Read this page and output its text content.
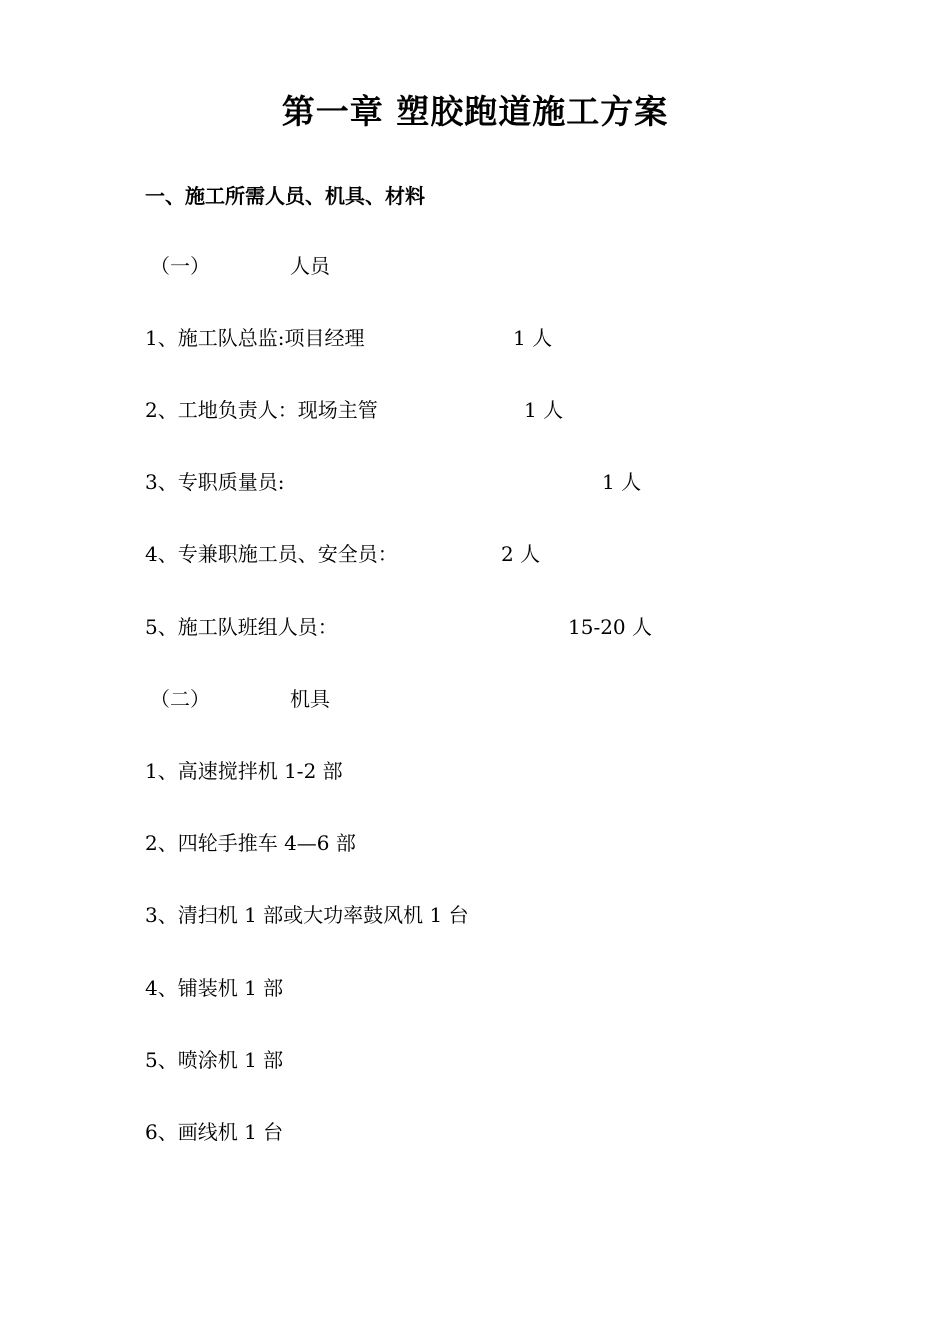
第一章 塑胶跑道施工方案
一、施工所需人员、机具、材料
（一）	人员
1、施工队总监:项目经理	1 人
2、工地负责人：现场主管	1 人
3、专职质量员:	1 人
4、专兼职施工员、安全员：	2 人
5、施工队班组人员：	15-20 人
（二）	机具
1、高速搅拌机 1-2 部
2、四轮手推车 4—6 部
3、清扫机 1 部或大功率鼓风机 1 台
4、铺装机 1 部
5、喷涂机 1 部
6、画线机 1 台
